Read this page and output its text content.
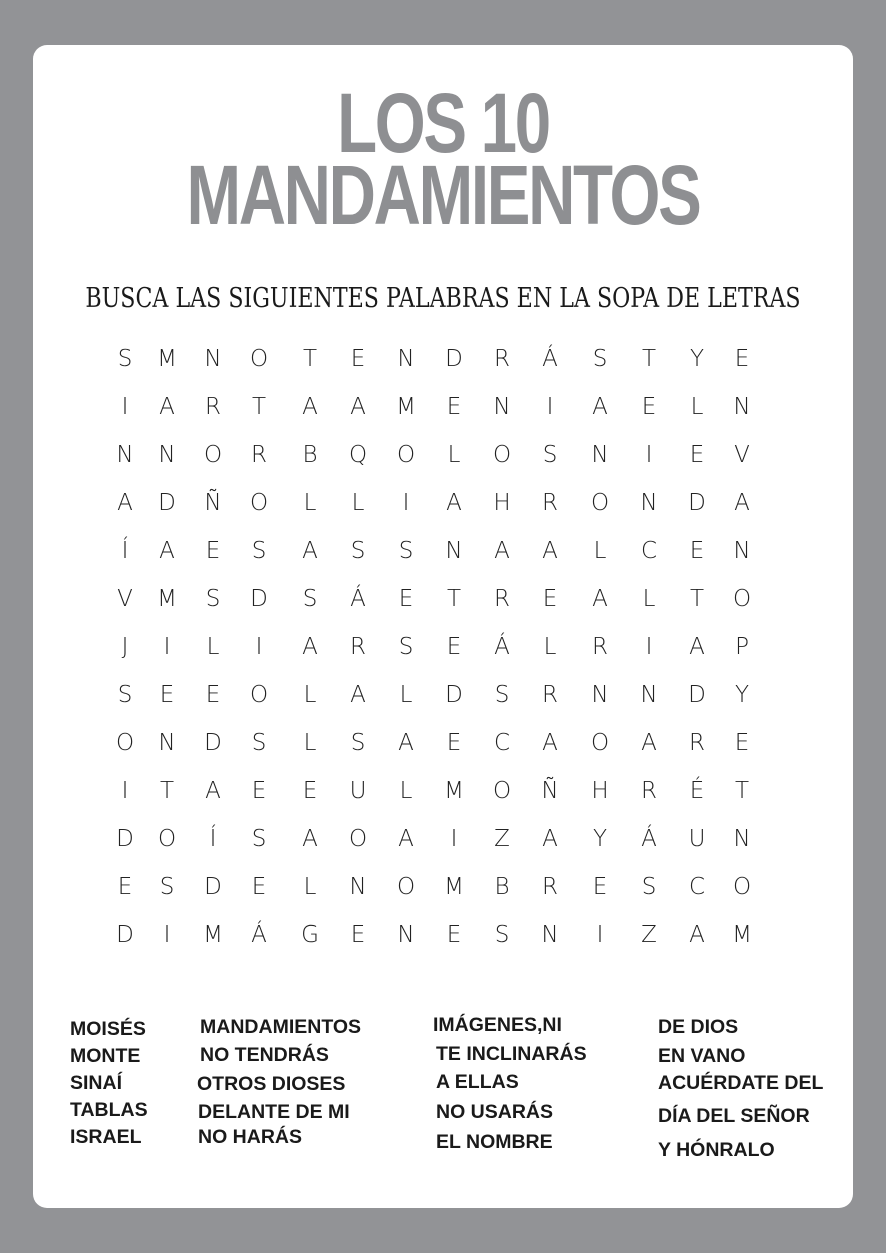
LOS 10
MANDAMIENTOS
BUSCA LAS SIGUIENTES PALABRAS EN LA SOPA DE LETRAS
S	M	N	O	T	E	N	D	R	Á	S	T	Y	E
I	A	R	T	A	A	M	E	N	I	A	E	L	N
N	N	O	R	B	Q	O	L	O	S	N	I	E	V
A	D	Ñ	O	L	L	I	A	H	R	O	N	D	A
Í	A	E	S	A	S	S	N	A	A	L	C	E	N
V	M	S	D	S	Á	E	T	R	E	A	L	T	O
J	I	L	I	A	R	S	E	Á	L	R	I	A	P
S	E	E	O	L	A	L	D	S	R	N	N	D	Y
O	N	D	S	L	S	A	E	C	A	O	A	R	E
I	T	A	E	E	U	L	M	O	Ñ	H	R	É	T
D	O	Í	S	A	O	A	I	Z	A	Y	Á	U	N
E	S	D	E	L	N	O	M	B	R	E	S	C	O
D	I	M	Á	G	E	N	E	S	N	I	Z	A	M
MOISÉS
MONTE
SINAÍ
TABLAS
ISRAEL
MANDAMIENTOS
NO TENDRÁS
OTROS DIOSES
DELANTE DE MI
NO HARÁS
IMÁGENES,NI
TE INCLINARÁS
A ELLAS
NO USARÁS
EL NOMBRE
DE DIOS
EN VANO
ACUÉRDATE DEL
DÍA DEL SEÑOR
Y HÓNRALO
